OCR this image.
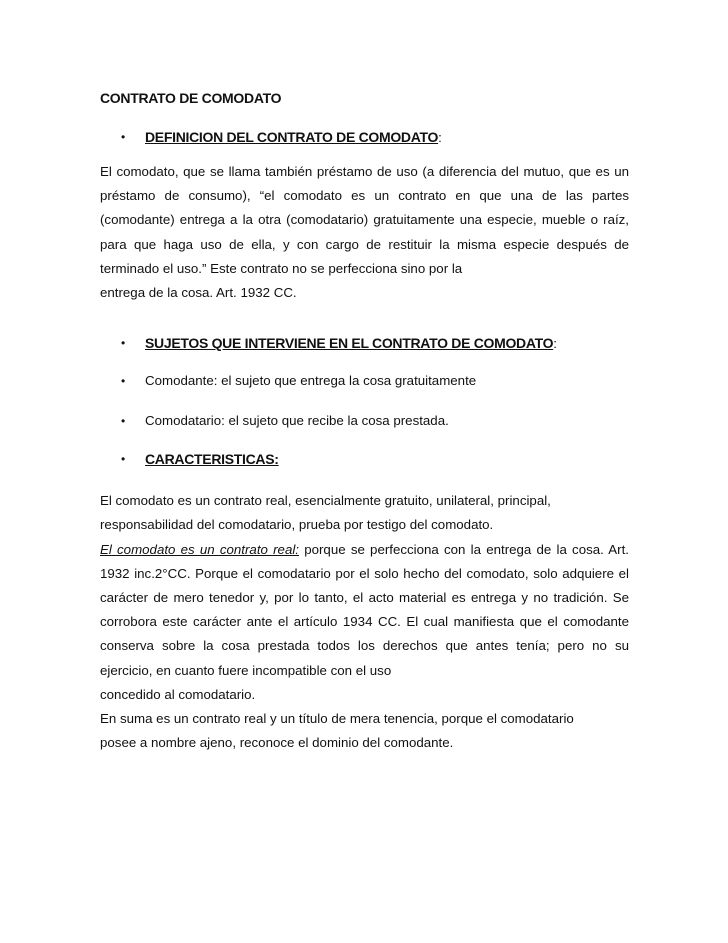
CONTRATO DE COMODATO
• DEFINICION DEL CONTRATO DE COMODATO:

El comodato, que se llama también préstamo de uso (a diferencia del mutuo, que es un préstamo de consumo), “el comodato es un contrato en que una de las partes (comodante) entrega a la otra (comodatario) gratuitamente una especie, mueble o raíz, para que haga uso de ella, y con cargo de restituir la misma especie después de terminado el uso.” Este contrato no se perfecciona sino por la
entrega de la cosa. Art. 1932 CC.

• SUJETOS QUE INTERVIENE EN EL CONTRATO DE COMODATO:
• Comodante: el sujeto que entrega la cosa gratuitamente
• Comodatario: el sujeto que recibe la cosa prestada.
• CARACTERISTICAS:

El comodato es un contrato real, esencialmente gratuito, unilateral, principal,
responsabilidad del comodatario, prueba por testigo del comodato.

El comodato es un contrato real: porque se perfecciona con la entrega de la cosa. Art. 1932 inc.2°CC. Porque el comodatario por el solo hecho del comodato, solo adquiere el carácter de mero tenedor y, por lo tanto, el acto material es entrega y no tradición. Se corrobora este carácter ante el artículo 1934 CC. El cual manifiesta que el comodante conserva sobre la cosa prestada todos los derechos que antes tenía; pero no su ejercicio, en cuanto fuere incompatible con el uso
concedido al comodatario.

En suma es un contrato real y un título de mera tenencia, porque el comodatario
posee a nombre ajeno, reconoce el dominio del comodante.
